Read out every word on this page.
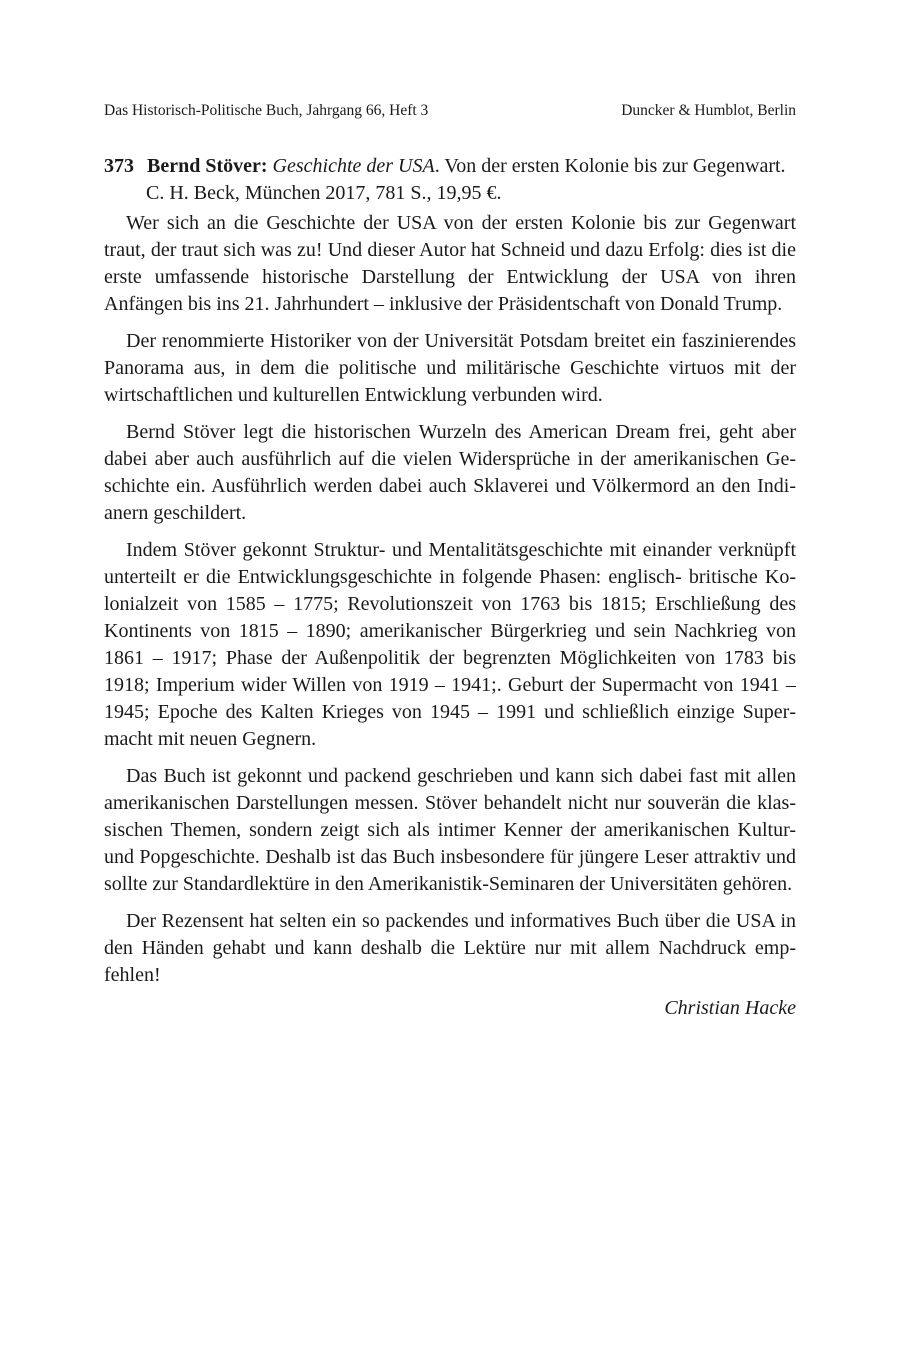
Das Historisch-Politische Buch, Jahrgang 66, Heft 3	Duncker & Humblot, Berlin
373 Bernd Stöver: Geschichte der USA. Von der ersten Kolonie bis zur Gegenwart.
C. H. Beck, München 2017, 781 S., 19,95 €.

Wer sich an die Geschichte der USA von der ersten Kolonie bis zur Gegenwart traut, der traut sich was zu! Und dieser Autor hat Schneid und dazu Erfolg: dies ist die erste umfassende historische Darstellung der Entwicklung der USA von ihren Anfängen bis ins 21. Jahrhundert – inklusive der Präsidentschaft von Donald Trump.

Der renommierte Historiker von der Universität Potsdam breitet ein faszinierendes Panorama aus, in dem die politische und militärische Geschichte virtuos mit der wirtschaftlichen und kulturellen Entwicklung verbunden wird.

Bernd Stöver legt die historischen Wurzeln des American Dream frei, geht aber dabei aber auch ausführlich auf die vielen Widersprüche in der amerikanischen Geschichte ein. Ausführlich werden dabei auch Sklaverei und Völkermord an den Indianern geschildert.

Indem Stöver gekonnt Struktur- und Mentalitätsgeschichte mit einander verknüpft unterteilt er die Entwicklungsgeschichte in folgende Phasen: englisch- britische Kolonialzeit von 1585 – 1775; Revolutionszeit von 1763 bis 1815; Erschließung des Kontinents von 1815 – 1890; amerikanischer Bürgerkrieg und sein Nachkrieg von 1861 – 1917; Phase der Außenpolitik der begrenzten Möglichkeiten von 1783 bis 1918; Imperium wider Willen von 1919 – 1941;. Geburt der Supermacht von 1941 – 1945; Epoche des Kalten Krieges von 1945 – 1991 und schließlich einzige Supermacht mit neuen Gegnern.

Das Buch ist gekonnt und packend geschrieben und kann sich dabei fast mit allen amerikanischen Darstellungen messen. Stöver behandelt nicht nur souverän die klassischen Themen, sondern zeigt sich als intimer Kenner der amerikanischen Kultur- und Popgeschichte. Deshalb ist das Buch insbesondere für jüngere Leser attraktiv und sollte zur Standardlektüre in den Amerikanistik-Seminaren der Universitäten gehören.

Der Rezensent hat selten ein so packendes und informatives Buch über die USA in den Händen gehabt und kann deshalb die Lektüre nur mit allem Nachdruck empfehlen!

Christian Hacke
